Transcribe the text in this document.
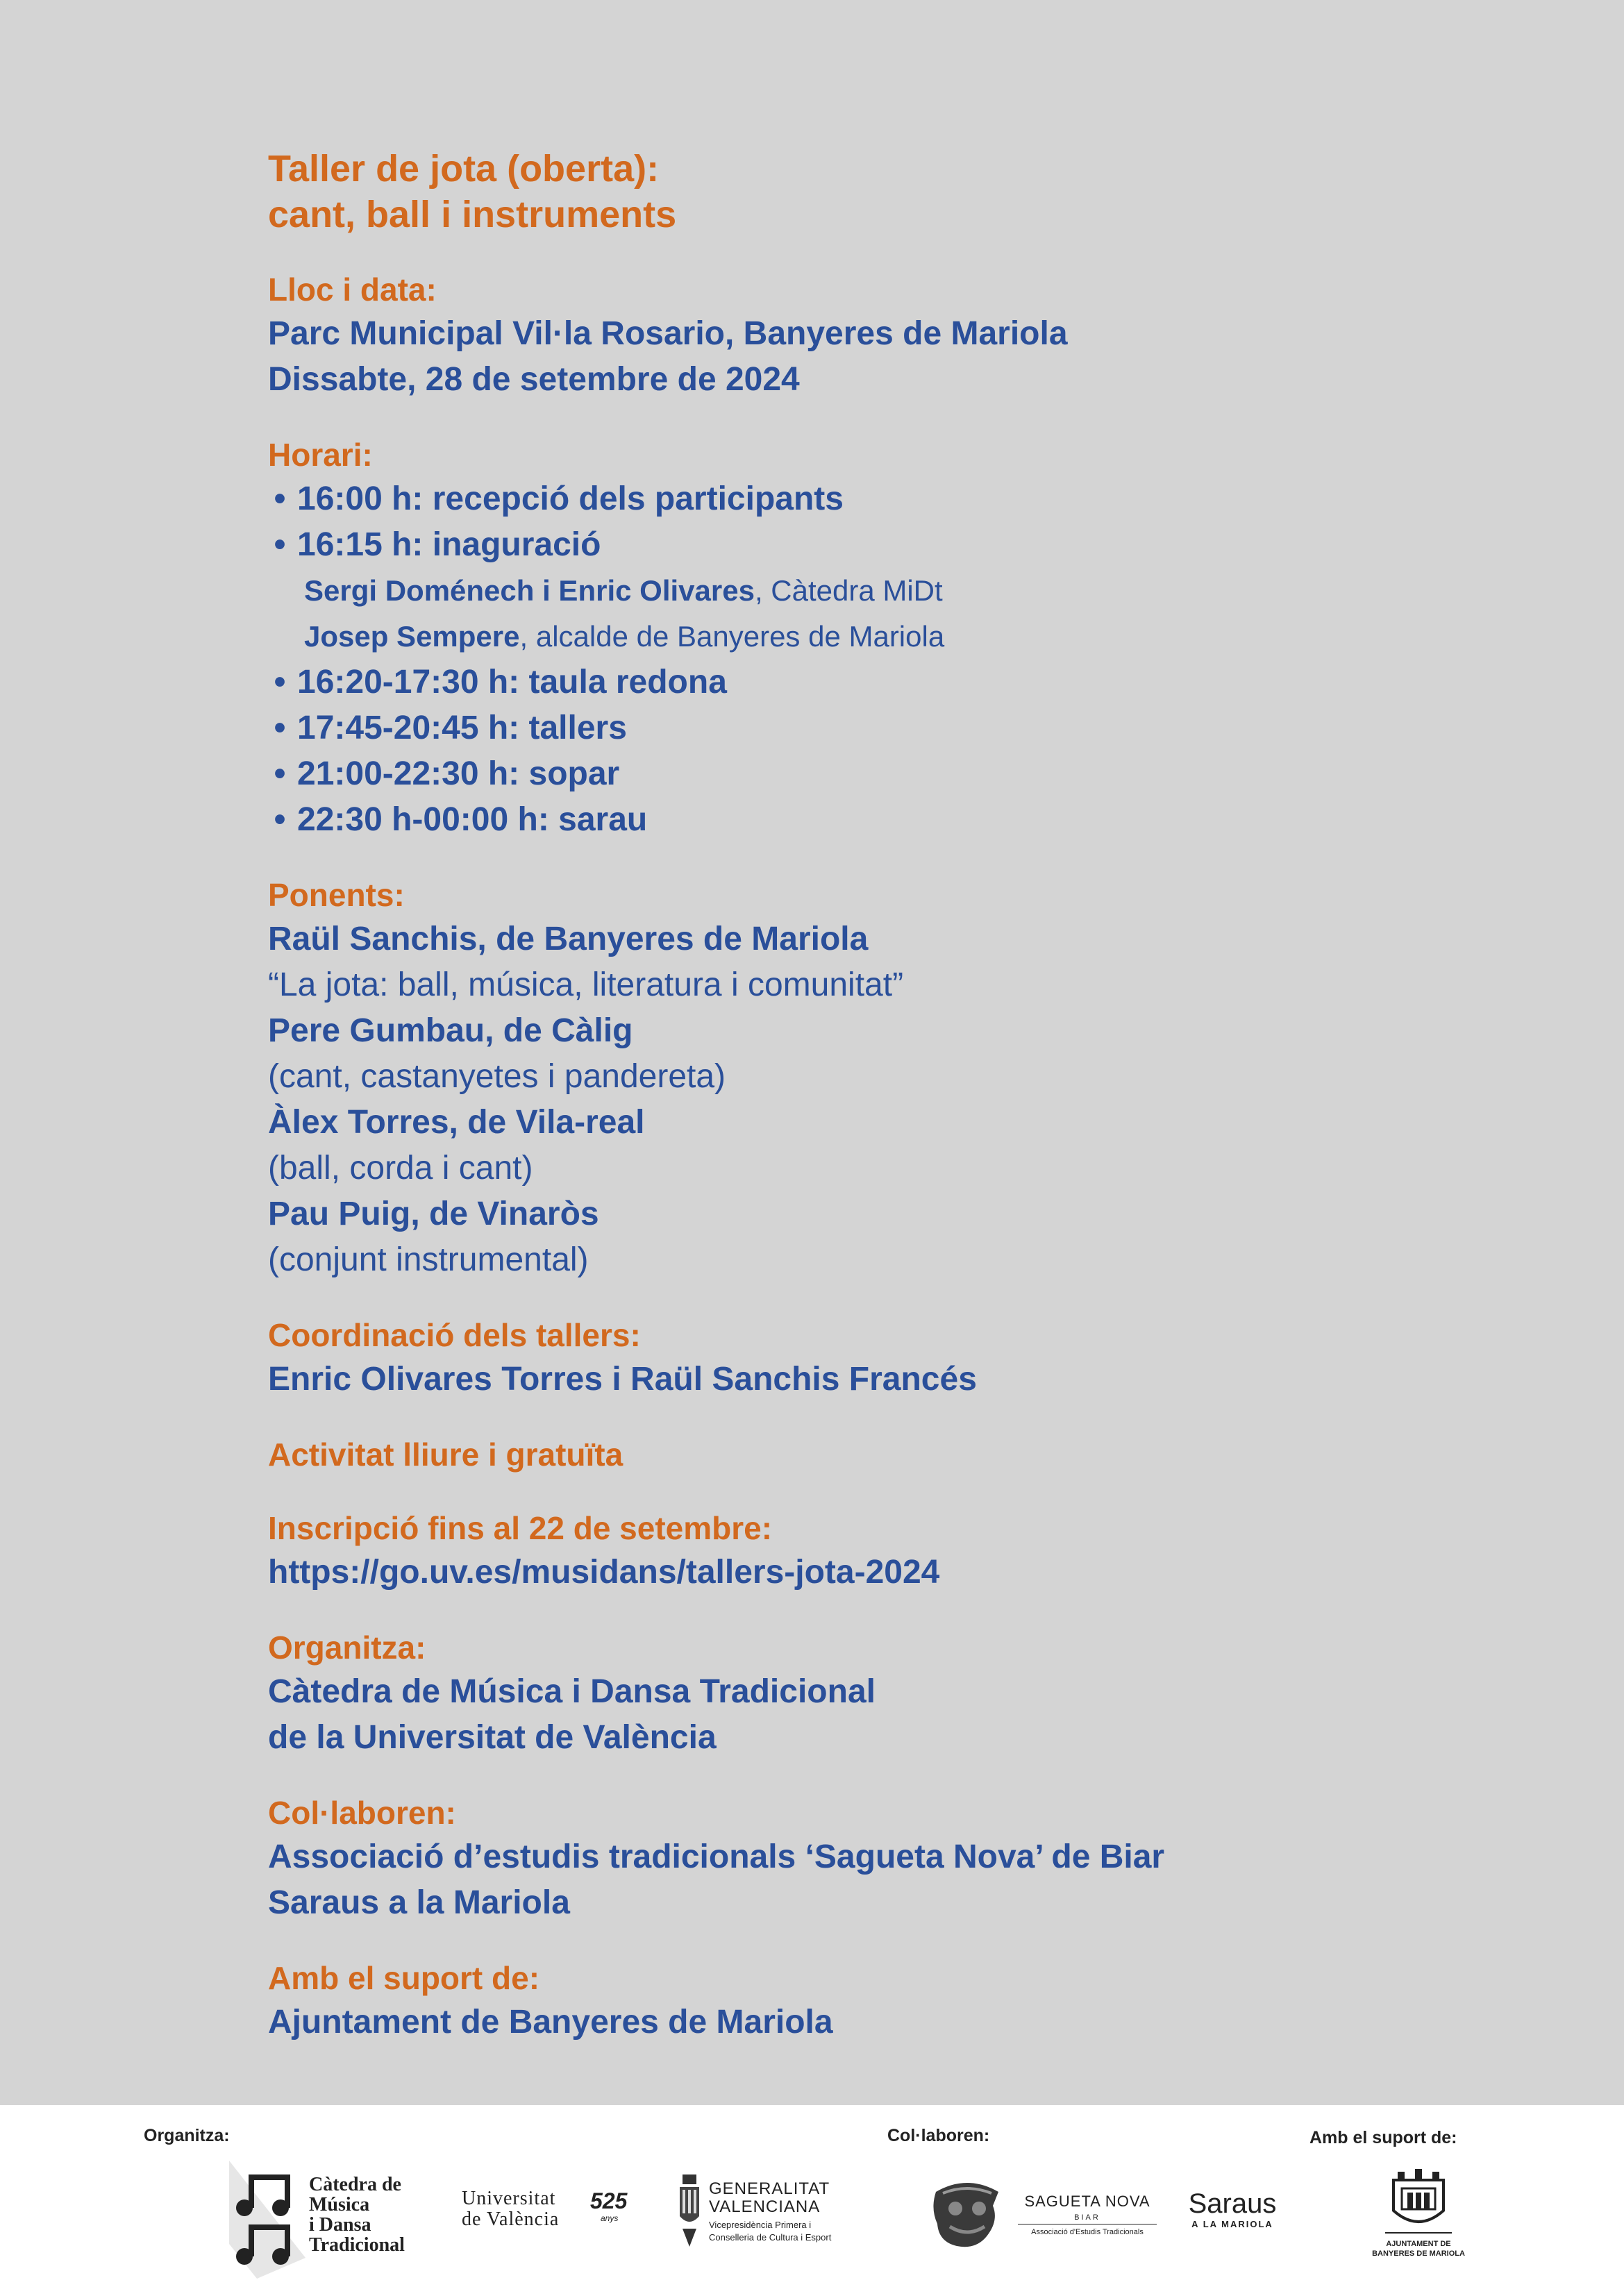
Taller de jota (oberta):
cant, ball i instruments
Lloc i data:
Parc Municipal Vil·la Rosario, Banyeres de Mariola
Dissabte, 28 de setembre de 2024
Horari:
• 16:00 h: recepció dels participants
• 16:15 h: inaguració
Sergi Doménech i Enric Olivares, Càtedra MiDt
Josep Sempere, alcalde de Banyeres de Mariola
• 16:20-17:30 h: taula redona
• 17:45-20:45 h: tallers
• 21:00-22:30 h: sopar
• 22:30 h-00:00 h: sarau
Ponents:
Raül Sanchis, de Banyeres de Mariola
“La jota: ball, música, literatura i comunitat”
Pere Gumbau, de Càlig
(cant, castanyetes i pandereta)
Àlex Torres, de Vila-real
(ball, corda i cant)
Pau Puig, de Vinaròs
(conjunt instrumental)
Coordinació dels tallers:
Enric Olivares Torres i Raül Sanchis Francés
Activitat lliure i gratuïta
Inscripció fins al 22 de setembre:
https://go.uv.es/musidans/tallers-jota-2024
Organitza:
Càtedra de Música i Dansa Tradicional
de la Universitat de València
Col·laboren:
Associació d’estudis tradicionals ‘Sagueta Nova’ de Biar
Saraus a la Mariola
Amb el suport de:
Ajuntament de Banyeres de Mariola
Organitza:	Col·laboren:	Amb el suport de:
Càtedra de
Música
i Dansa
Tradicional
Universitat
de València
525
anys
GENERALITAT
VALENCIANA
Vicepresidència Primera i
Conselleria de Cultura i Esport
SAGUETA NOVA
BIAR
Associació d'Estudis Tradicionals
Saraus
A LA MARIOLA
AJUNTAMENT DE
BANYERES DE MARIOLA
